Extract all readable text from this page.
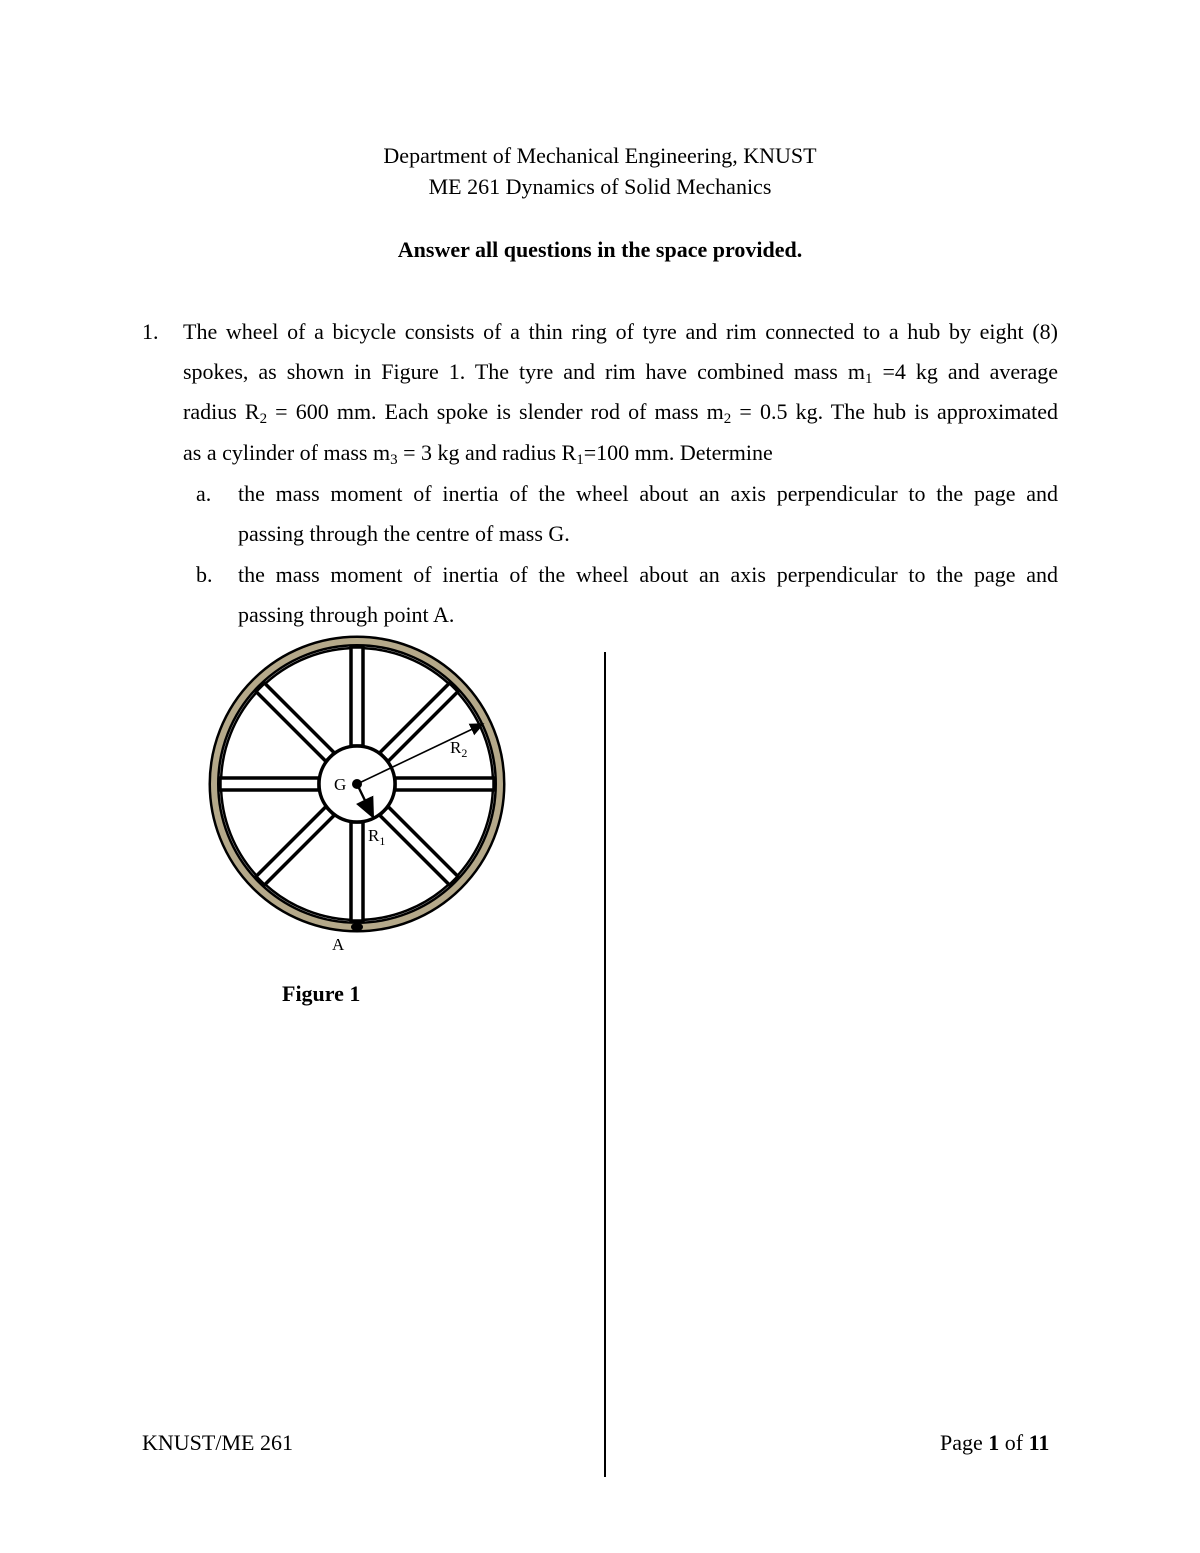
Department of Mechanical Engineering, KNUST
ME 261 Dynamics of Solid Mechanics
Answer all questions in the space provided.
1. The wheel of a bicycle consists of a thin ring of tyre and rim connected to a hub by eight (8)
spokes, as shown in Figure 1. The tyre and rim have combined mass $m_1 =4$ kg and average
radius $R_2 = 600$ mm. Each spoke is slender rod of mass $m_2 = 0.5$ kg. The hub is approximated
as a cylinder of mass $m_3 = 3$ kg and radius $R_1=100$ mm. Determine
a. the mass moment of inertia of the wheel about an axis perpendicular to the page and
passing through the centre of mass G.
b. the mass moment of inertia of the wheel about an axis perpendicular to the page and
passing through point A.
G
$R_2$
$R_1$
A
Figure 1
KNUST/ME 261	Page 1 of 11
